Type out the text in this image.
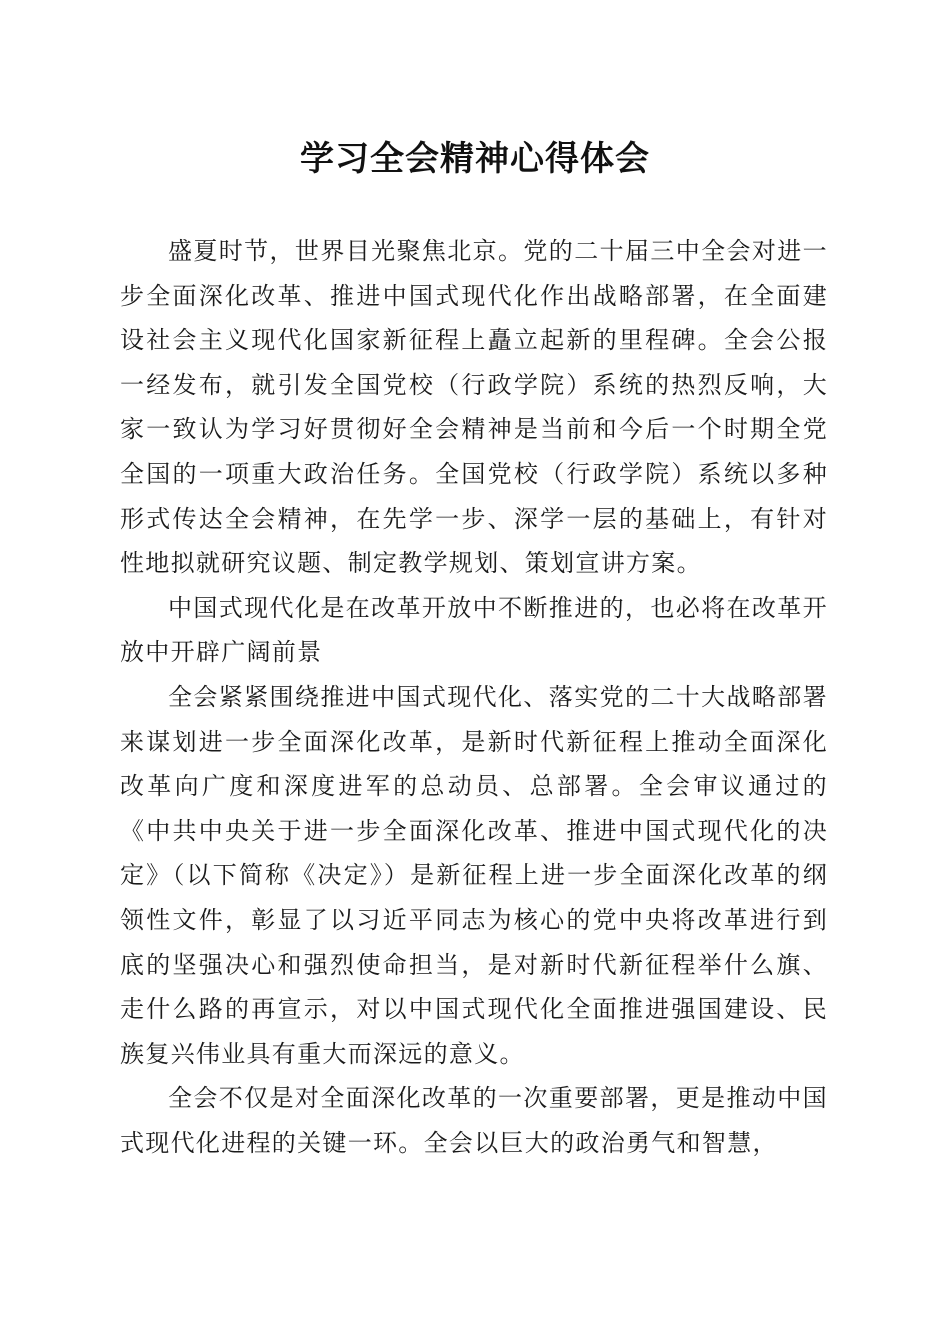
学习全会精神心得体会

盛夏时节，世界目光聚焦北京。党的二十届三中全会对进一步全面深化改革、推进中国式现代化作出战略部署，在全面建设社会主义现代化国家新征程上矗立起新的里程碑。全会公报一经发布，就引发全国党校（行政学院）系统的热烈反响，大家一致认为学习好贯彻好全会精神是当前和今后一个时期全党全国的一项重大政治任务。全国党校（行政学院）系统以多种形式传达全会精神，在先学一步、深学一层的基础上，有针对性地拟就研究议题、制定教学规划、策划宣讲方案。

中国式现代化是在改革开放中不断推进的，也必将在改革开放中开辟广阔前景

全会紧紧围绕推进中国式现代化、落实党的二十大战略部署来谋划进一步全面深化改革，是新时代新征程上推动全面深化改革向广度和深度进军的总动员、总部署。全会审议通过的《中共中央关于进一步全面深化改革、推进中国式现代化的决定》（以下简称《决定》）是新征程上进一步全面深化改革的纲领性文件，彰显了以习近平同志为核心的党中央将改革进行到底的坚强决心和强烈使命担当，是对新时代新征程举什么旗、走什么路的再宣示，对以中国式现代化全面推进强国建设、民族复兴伟业具有重大而深远的意义。

全会不仅是对全面深化改革的一次重要部署，更是推动中国式现代化进程的关键一环。全会以巨大的政治勇气和智慧，
